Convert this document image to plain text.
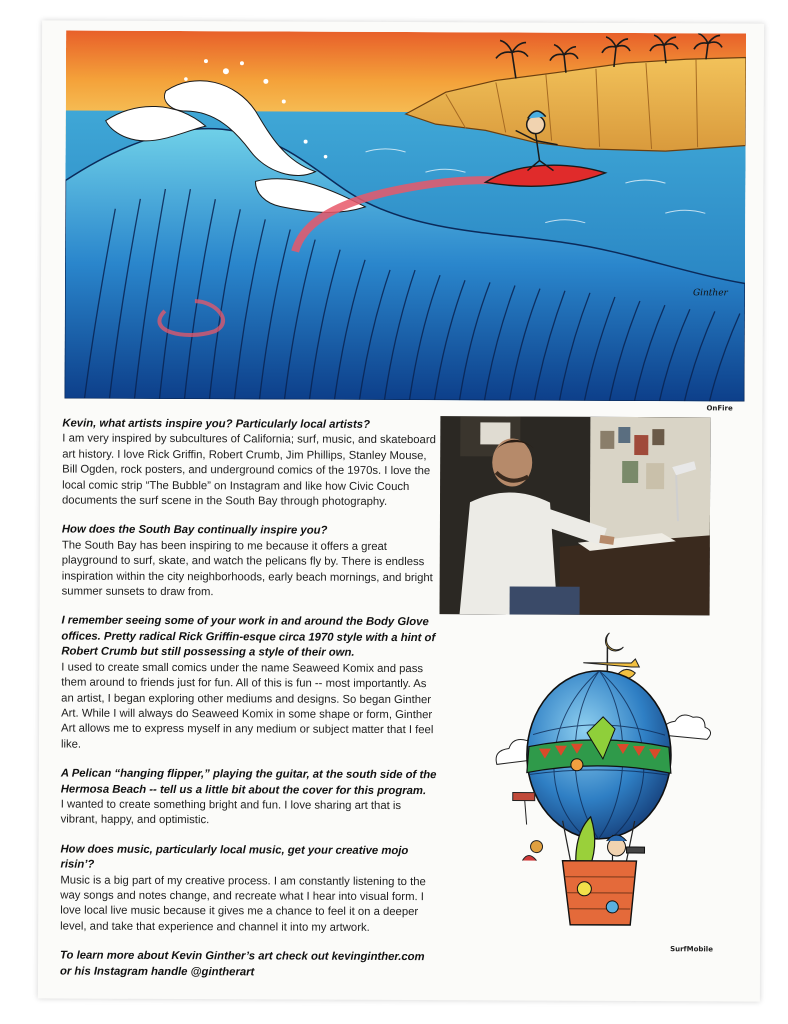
Ginther
OnFire

Kevin, what artists inspire you? Particularly local artists?

I am very inspired by subcultures of California; surf, music, and skateboard art history. I love Rick Griffin, Robert Crumb, Jim Phillips, Stanley Mouse, Bill Ogden, rock posters, and underground comics of the 1970s. I love the local comic strip “The Bubble” on Instagram and like how Civic Couch documents the surf scene in the South Bay through photography.

How does the South Bay continually inspire you?

The South Bay has been inspiring to me because it offers a great playground to surf, skate, and watch the pelicans fly by. There is endless inspiration within the city neighborhoods, early beach mornings, and bright summer sunsets to draw from.

I remember seeing some of your work in and around the Body Glove offices. Pretty radical Rick Griffin-esque circa 1970 style with a hint of Robert Crumb but still possessing a style of their own.

I used to create small comics under the name Seaweed Komix and pass them around to friends just for fun. All of this is fun -- most importantly. As an artist, I began exploring other mediums and designs. So began Ginther Art. While I will always do Seaweed Komix in some shape or form, Ginther Art allows me to express myself in any medium or subject matter that I feel like.

A Pelican “hanging flipper,” playing the guitar, at the south side of the Hermosa Beach -- tell us a little bit about the cover for this program.

I wanted to create something bright and fun. I love sharing art that is vibrant, happy, and optimistic.

How does music, particularly local music, get your creative mojo risin’?

Music is a big part of my creative process. I am constantly listening to the way songs and notes change, and recreate what I hear into visual form. I love local live music because it gives me a chance to feel it on a deeper level, and take that experience and channel it into my artwork.

To learn more about Kevin Ginther’s art check out kevinginther.com or his Instagram handle @gintherart

SurfMobile
